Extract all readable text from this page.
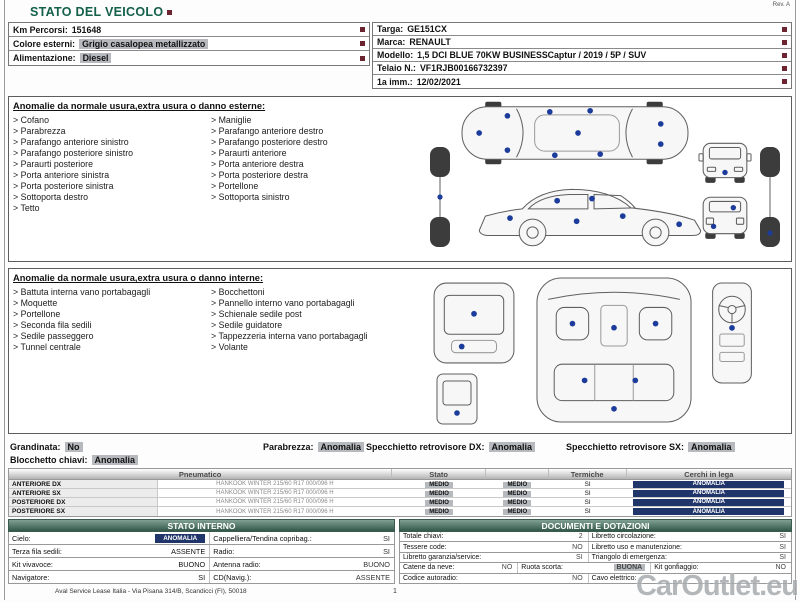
STATO DEL VEICOLO	Rev. A
Km Percorsi: 151648
Colore esterni: Grigio casalopea metallizzato
Alimentazione: Diesel
Targa: GE151CX
Marca: RENAULT
Modello: 1,5 DCI BLUE 70KW BUSINESSCaptur / 2019 / 5P / SUV
Telaio N.: VF1RJB00166732397
1a imm.: 12/02/2021
Anomalie da normale usura,extra usura o danno esterne:
> Cofano
> Parabrezza
> Parafango anteriore sinistro
> Parafango posteriore sinistro
> Paraurti posteriore
> Porta anteriore sinistra
> Porta posteriore sinistra
> Sottoporta destro
> Tetto
> Maniglie
> Parafango anteriore destro
> Parafango posteriore destro
> Paraurti anteriore
> Porta anteriore destra
> Porta posteriore destra
> Portellone
> Sottoporta sinistro
Anomalie da normale usura,extra usura o danno interne:
> Battuta interna vano portabagagli
> Moquette
> Portellone
> Seconda fila sedili
> Sedile passeggero
> Tunnel centrale
> Bocchettoni
> Pannello interno vano portabagagli
> Schienale sedile post
> Sedile guidatore
> Tappezzeria interna vano portabagagli
> Volante
Grandinata: No	Parabrezza: Anomalia Specchietto retrovisore DX: Anomalia	Specchietto retrovisore SX: Anomalia
Blocchetto chiavi: Anomalia
Pneumatico	Stato	Termiche	Cerchi in lega
ANTERIORE DX	HANKOOK WINTER 215/60 R17 000/096 H	MEDIO	MEDIO	SI	ANOMALIA
ANTERIORE SX	HANKOOK WINTER 215/60 R17 000/096 H	MEDIO	MEDIO	SI	ANOMALIA
POSTERIORE DX	HANKOOK WINTER 215/60 R17 000/096 H	MEDIO	MEDIO	SI	ANOMALIA
POSTERIORE SX	HANKOOK WINTER 215/60 R17 000/096 H	MEDIO	MEDIO	SI	ANOMALIA
STATO INTERNO
Cielo:	ANOMALIA	Cappelliera/Tendina copribag.:	SI
Terza fila sedili:	ASSENTE	Radio:	SI
Kit vivavoce:	BUONO	Antenna radio:	BUONO
Navigatore:	SI	CD(Navig.):	ASSENTE
DOCUMENTI E DOTAZIONI
Totale chiavi:	2	Libretto circolazione:	SI
Tessere code:	NO	Libretto uso e manutenzione:	SI
Libretto garanzia/service:	SI	Triangolo di emergenza:	SI
Catene da neve:	NO	Ruota scorta:	BUONA	Kit gonfiaggio:	NO
Codice autoradio:	NO	Cavo elettrico:
Aval Service Lease Italia - Via Pisana 314/B, Scandicci (FI), 50018	1	CarOutlet.eu
